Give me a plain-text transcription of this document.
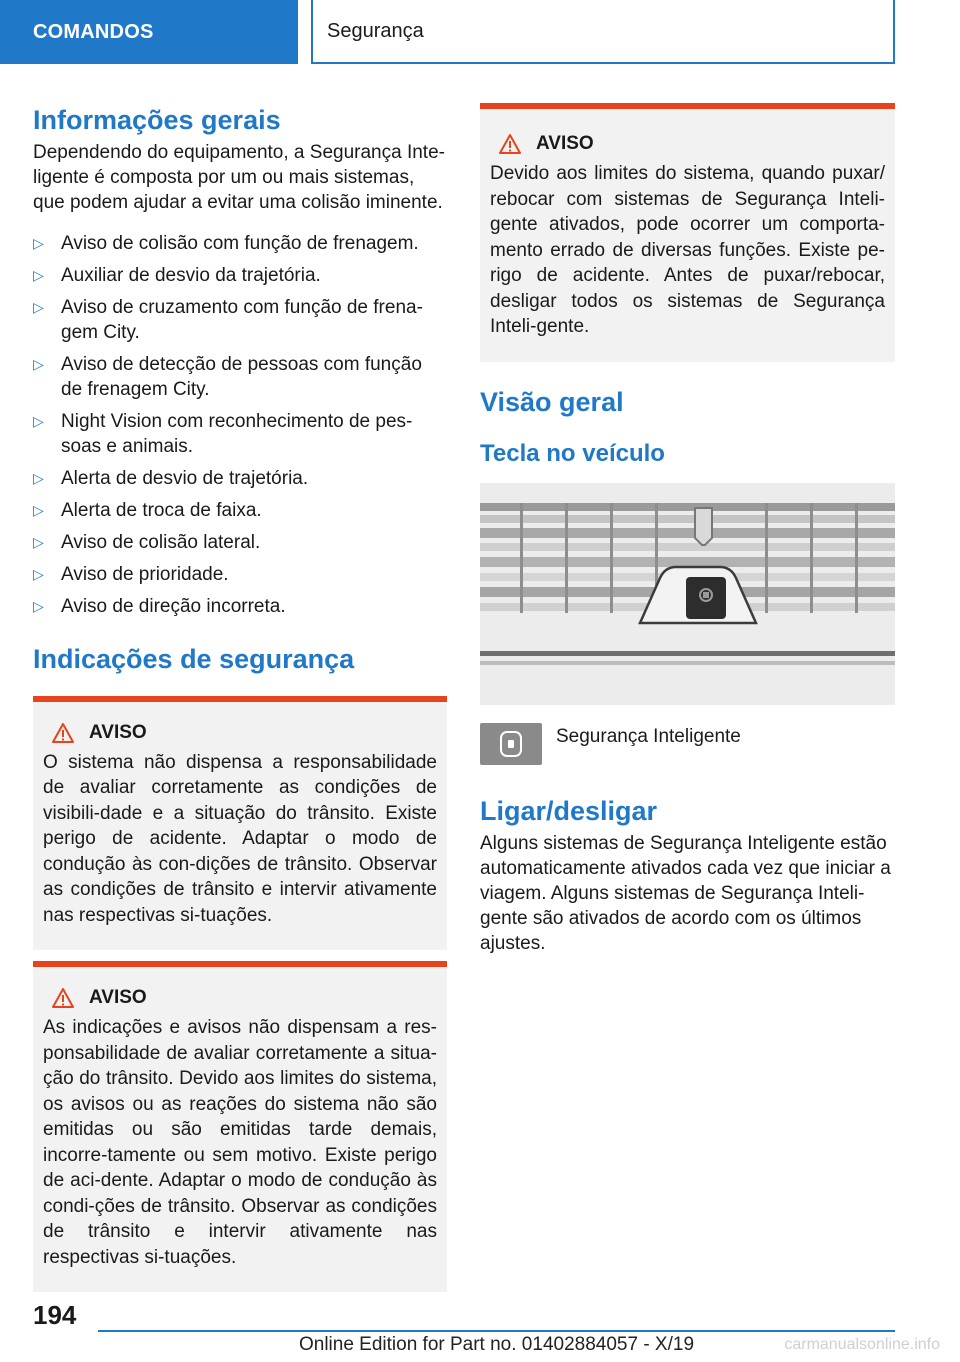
COMANDOS	Segurança
Informações gerais

Dependendo do equipamento, a Segurança Inte-ligente é composta por um ou mais sistemas, que podem ajudar a evitar uma colisão iminente.

▷ Aviso de colisão com função de frenagem.
▷ Auxiliar de desvio da trajetória.
▷ Aviso de cruzamento com função de frena-gem City.
▷ Aviso de detecção de pessoas com função de frenagem City.
▷ Night Vision com reconhecimento de pes-soas e animais.
▷ Alerta de desvio de trajetória.
▷ Alerta de troca de faixa.
▷ Aviso de colisão lateral.
▷ Aviso de prioridade.
▷ Aviso de direção incorreta.
Indicações de segurança
AVISO

O sistema não dispensa a responsabilidade de avaliar corretamente as condições de visibili-dade e a situação do trânsito. Existe perigo de acidente. Adaptar o modo de condução às con-dições de trânsito. Observar as condições de trânsito e intervir ativamente nas respectivas si-tuações.

AVISO

As indicações e avisos não dispensam a res-ponsabilidade de avaliar corretamente a situa-ção do trânsito. Devido aos limites do sistema, os avisos ou as reações do sistema não são emitidas ou são emitidas tarde demais, incorre-tamente ou sem motivo. Existe perigo de aci-dente. Adaptar o modo de condução às condi-ções de trânsito. Observar as condições de trânsito e intervir ativamente nas respectivas si-tuações.

AVISO

Devido aos limites do sistema, quando puxar/ rebocar com sistemas de Segurança Inteli-gente ativados, pode ocorrer um comporta-mento errado de diversas funções. Existe pe-rigo de acidente. Antes de puxar/rebocar, desligar todos os sistemas de Segurança Inteli-gente.

Visão geral
Tecla no veículo
Segurança Inteligente
Ligar/desligar

Alguns sistemas de Segurança Inteligente estão automaticamente ativados cada vez que iniciar a viagem. Alguns sistemas de Segurança Inteli-gente são ativados de acordo com os últimos ajustes.

194
Online Edition for Part no. 01402884057 - X/19	carmanualsonline.info
